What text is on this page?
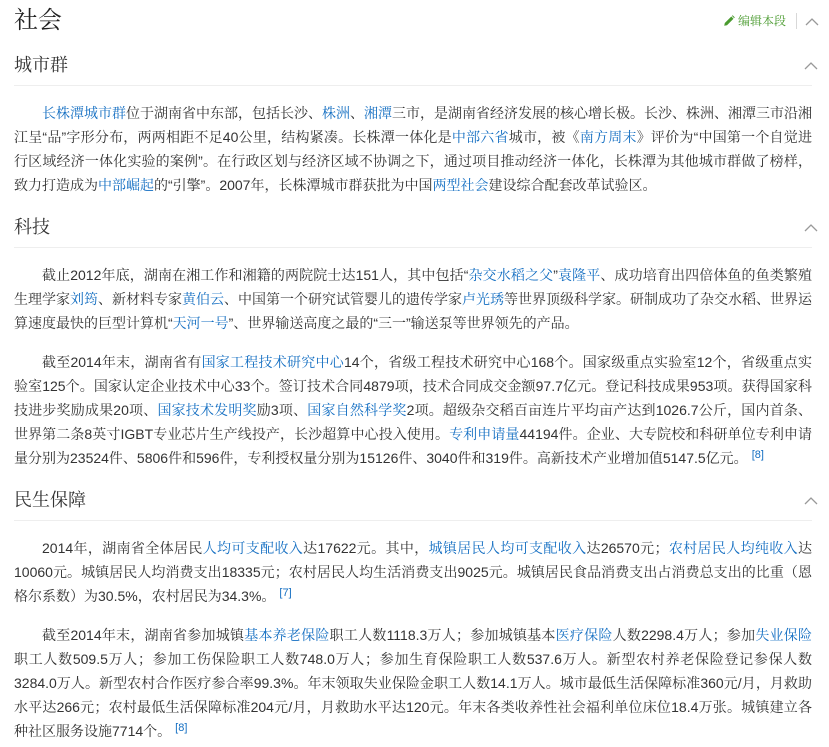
社会	编辑本段
城市群

长株潭城市群位于湖南省中东部，包括长沙、株洲、湘潭三市，是湖南省经济发展的核心增长极。长沙、株洲、湘潭三市沿湘江呈“品”字形分布，两两相距不足40公里，结构紧凑。长株潭一体化是中部六省城市，被《南方周末》评价为“中国第一个自觉进行区域经济一体化实验的案例”。在行政区划与经济区域不协调之下，通过项目推动经济一体化，长株潭为其他城市群做了榜样，致力打造成为中部崛起的“引擎”。2007年，长株潭城市群获批为中国两型社会建设综合配套改革试验区。

科技

截止2012年底，湖南在湘工作和湘籍的两院院士达151人，其中包括“杂交水稻之父”袁隆平、成功培育出四倍体鱼的鱼类繁殖生理学家刘筠、新材料专家黄伯云、中国第一个研究试管婴儿的遗传学家卢光琇等世界顶级科学家。研制成功了杂交水稻、世界运算速度最快的巨型计算机“天河一号”、世界输送高度之最的“三一”输送泵等世界领先的产品。

截至2014年末，湖南省有国家工程技术研究中心14个，省级工程技术研究中心168个。国家级重点实验室12个，省级重点实验室125个。国家认定企业技术中心33个。签订技术合同4879项，技术合同成交金额97.7亿元。登记科技成果953项。获得国家科技进步奖励成果20项、国家技术发明奖励3项、国家自然科学奖2项。超级杂交稻百亩连片平均亩产达到1026.7公斤，国内首条、世界第二条8英寸IGBT专业芯片生产线投产，长沙超算中心投入使用。专利申请量44194件。企业、大专院校和科研单位专利申请量分别为23524件、5806件和596件，专利授权量分别为15126件、3040件和319件。高新技术产业增加值5147.5亿元。 [8]

民生保障

2014年，湖南省全体居民人均可支配收入达17622元。其中，城镇居民人均可支配收入达26570元；农村居民人均纯收入达10060元。城镇居民人均消费支出18335元；农村居民人均生活消费支出9025元。城镇居民食品消费支出占消费总支出的比重（恩格尔系数）为30.5%，农村居民为34.3%。 [7]

截至2014年末，湖南省参加城镇基本养老保险职工人数1118.3万人；参加城镇基本医疗保险人数2298.4万人；参加失业保险职工人数509.5万人；参加工伤保险职工人数748.0万人；参加生育保险职工人数537.6万人。新型农村养老保险登记参保人数3284.0万人。新型农村合作医疗参合率99.3%。年末领取失业保险金职工人数14.1万人。城市最低生活保障标准360元/月，月救助水平达266元；农村最低生活保障标准204元/月，月救助水平达120元。年末各类收养性社会福利单位床位18.4万张。城镇建立各种社区服务设施7714个。 [8]
